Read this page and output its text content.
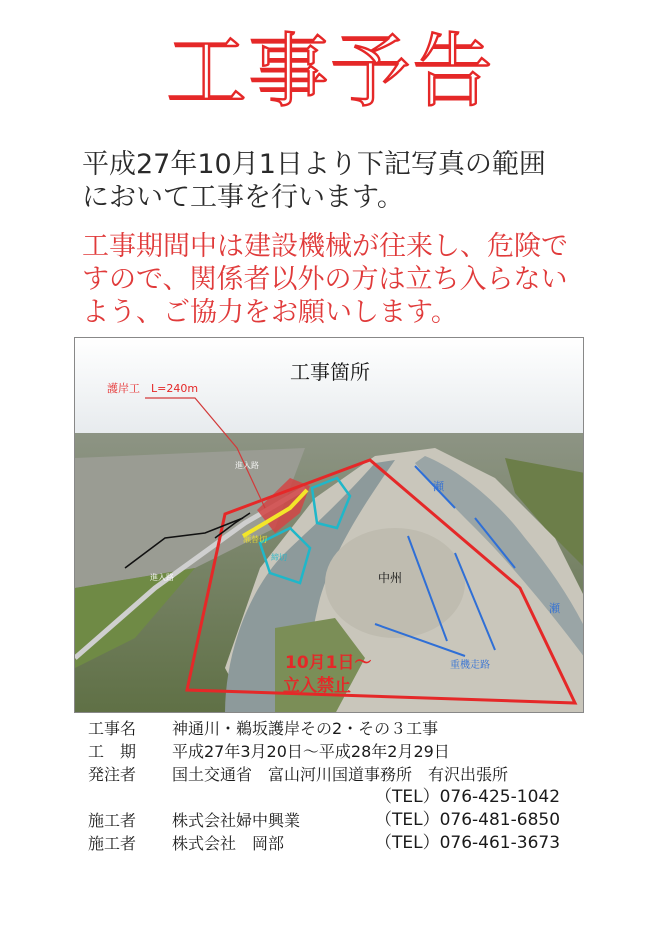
工事予告
平成27年10月1日より下記写真の範囲
において工事を行います。
工事期間中は建設機械が往来し、危険で
すので、関係者以外の方は立ち入らない
よう、ご協力をお願いします。
護岸工　L=240m
進入路
進入路
瀬替切
締切
中州
瀬
瀬
重機走路
10月1日～
立入禁止
工事箇所
工事名	神通川・鵜坂護岸その2・その３工事
工　期	平成27年3月20日～平成28年2月29日
発注者	国土交通省　富山河川国道事務所　有沢出張所
（TEL）076-425-1042
施工者	株式会社婦中興業	（TEL）076-481-6850
施工者	株式会社　岡部	（TEL）076-461-3673
